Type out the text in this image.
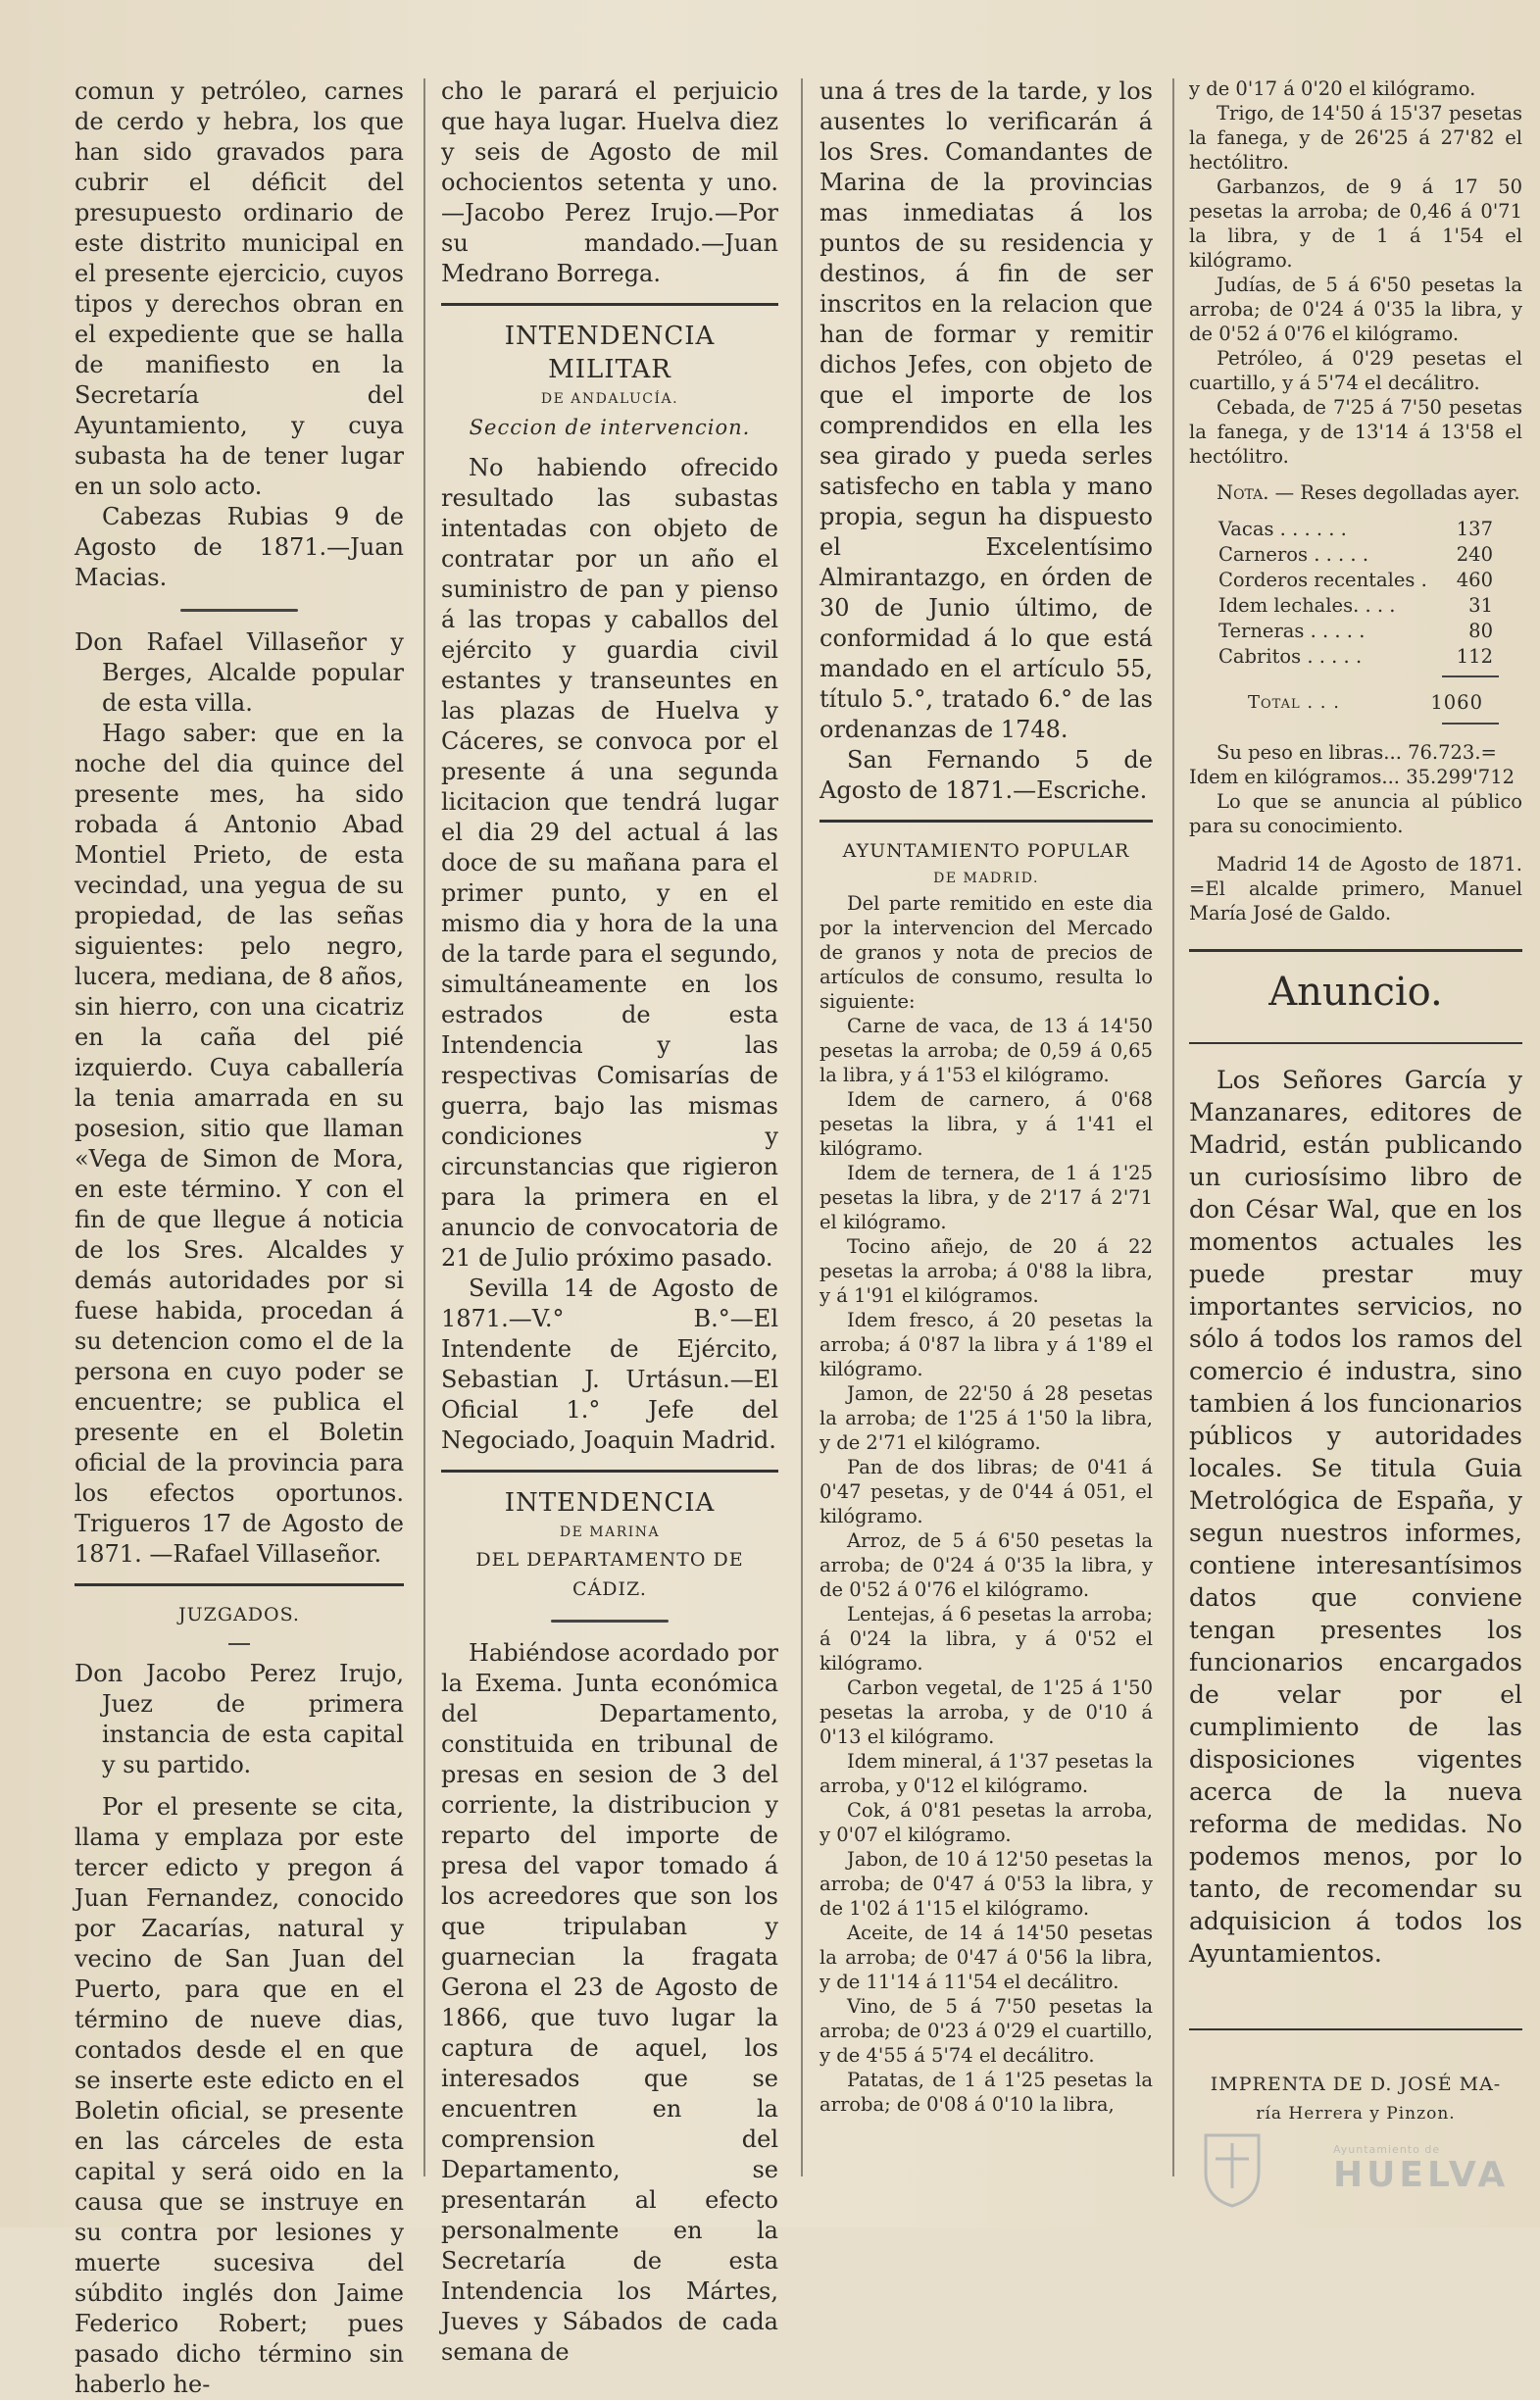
comun y petróleo, carnes de cerdo y hebra, los que han sido gravados para cubrir el déficit del presupuesto ordinario de este distrito municipal en el presente ejercicio, cuyos tipos y derechos obran en el expediente que se halla de manifiesto en la Secretaría del Ayuntamiento, y cuya subasta ha de tener lugar en un solo acto.

Cabezas Rubias 9 de Agosto de 1871.—Juan Macias.

Don Rafael Villaseñor y Berges, Alcalde popular de esta villa.

Hago saber: que en la noche del dia quince del presente mes, ha sido robada á Antonio Abad Montiel Prieto, de esta vecindad, una yegua de su propiedad, de las señas siguientes: pelo negro, lucera, mediana, de 8 años, sin hierro, con una cicatriz en la caña del pié izquierdo. Cuya caballería la tenia amarrada en su posesion, sitio que llaman «Vega de Simon de Mora, en este término. Y con el fin de que llegue á noticia de los Sres. Alcaldes y demás autoridades por si fuese habida, procedan á su detencion como el de la persona en cuyo poder se encuentre; se publica el presente en el Boletin oficial de la provincia para los efectos oportunos. Trigueros 17 de Agosto de 1871. —Rafael Villaseñor.

JUZGADOS.

Don Jacobo Perez Irujo, Juez de primera instancia de esta capital y su partido.

Por el presente se cita, llama y emplaza por este tercer edicto y pregon á Juan Fernandez, conocido por Zacarías, natural y vecino de San Juan del Puerto, para que en el término de nueve dias, contados desde el en que se inserte este edicto en el Boletin oficial, se presente en las cárceles de esta capital y será oido en la causa que se instruye en su contra por lesiones y muerte sucesiva del súbdito inglés don Jaime Federico Robert; pues pasado dicho término sin haberlo he-

cho le parará el perjuicio que haya lugar. Huelva diez y seis de Agosto de mil ochocientos setenta y uno.—Jacobo Perez Irujo.—Por su mandado.—Juan Medrano Borrega.

INTENDENCIA MILITAR

DE ANDALUCÍA.

Seccion de intervencion.

No habiendo ofrecido resultado las subastas intentadas con objeto de contratar por un año el suministro de pan y pienso á las tropas y caballos del ejército y guardia civil estantes y transeuntes en las plazas de Huelva y Cáceres, se convoca por el presente á una segunda licitacion que tendrá lugar el dia 29 del actual á las doce de su mañana para el primer punto, y en el mismo dia y hora de la una de la tarde para el segundo, simultáneamente en los estrados de esta Intendencia y las respectivas Comisarías de guerra, bajo las mismas condiciones y circunstancias que rigieron para la primera en el anuncio de convocatoria de 21 de Julio próximo pasado.

Sevilla 14 de Agosto de 1871.—V.° B.°—El Intendente de Ejército, Sebastian J. Urtásun.—El Oficial 1.° Jefe del Negociado, Joaquin Madrid.

INTENDENCIA

DE MARINA

DEL DEPARTAMENTO DE CÁDIZ.

Habiéndose acordado por la Exema. Junta económica del Departamento, constituida en tribunal de presas en sesion de 3 del corriente, la distribucion y reparto del importe de presa del vapor tomado á los acreedores que son los que tripulaban y guarnecian la fragata Gerona el 23 de Agosto de 1866, que tuvo lugar la captura de aquel, los interesados que se encuentren en la comprension del Departamento, se presentarán al efecto personalmente en la Secretaría de esta Intendencia los Mártes, Jueves y Sábados de cada semana de

una á tres de la tarde, y los ausentes lo verificarán á los Sres. Comandantes de Marina de la provincias mas inmediatas á los puntos de su residencia y destinos, á fin de ser inscritos en la relacion que han de formar y remitir dichos Jefes, con objeto de que el importe de los comprendidos en ella les sea girado y pueda serles satisfecho en tabla y mano propia, segun ha dispuesto el Excelentísimo Almirantazgo, en órden de 30 de Junio último, de conformidad á lo que está mandado en el artículo 55, título 5.°, tratado 6.° de las ordenanzas de 1748.

San Fernando 5 de Agosto de 1871.—Escriche.

AYUNTAMIENTO POPULAR

DE MADRID.

Del parte remitido en este dia por la intervencion del Mercado de granos y nota de precios de artículos de consumo, resulta lo siguiente:

Carne de vaca, de 13 á 14'50 pesetas la arroba; de 0,59 á 0,65 la libra, y á 1'53 el kilógramo.

Idem de carnero, á 0'68 pesetas la libra, y á 1'41 el kilógramo.

Idem de ternera, de 1 á 1'25 pesetas la libra, y de 2'17 á 2'71 el kilógramo.

Tocino añejo, de 20 á 22 pesetas la arroba; á 0'88 la libra, y á 1'91 el kilógramos.

Idem fresco, á 20 pesetas la arroba; á 0'87 la libra y á 1'89 el kilógramo.

Jamon, de 22'50 á 28 pesetas la arroba; de 1'25 á 1'50 la libra, y de 2'71 el kilógramo.

Pan de dos libras; de 0'41 á 0'47 pesetas, y de 0'44 á 051, el kilógramo.

Arroz, de 5 á 6'50 pesetas la arroba; de 0'24 á 0'35 la libra, y de 0'52 á 0'76 el kilógramo.

Lentejas, á 6 pesetas la arroba; á 0'24 la libra, y á 0'52 el kilógramo.

Carbon vegetal, de 1'25 á 1'50 pesetas la arroba, y de 0'10 á 0'13 el kilógramo.

Idem mineral, á 1'37 pesetas la arroba, y 0'12 el kilógramo.

Cok, á 0'81 pesetas la arroba, y 0'07 el kilógramo.

Jabon, de 10 á 12'50 pesetas la arroba; de 0'47 á 0'53 la libra, y de 1'02 á 1'15 el kilógramo.

Aceite, de 14 á 14'50 pesetas la arroba; de 0'47 á 0'56 la libra, y de 11'14 á 11'54 el decálitro.

Vino, de 5 á 7'50 pesetas la arroba; de 0'23 á 0'29 el cuartillo, y de 4'55 á 5'74 el decálitro.

Patatas, de 1 á 1'25 pesetas la arroba; de 0'08 á 0'10 la libra,

y de 0'17 á 0'20 el kilógramo.

Trigo, de 14'50 á 15'37 pesetas la fanega, y de 26'25 á 27'82 el hectólitro.

Garbanzos, de 9 á 17 50 pesetas la arroba; de 0,46 á 0'71 la libra, y de 1 á 1'54 el kilógramo.

Judías, de 5 á 6'50 pesetas la arroba; de 0'24 á 0'35 la libra, y de 0'52 á 0'76 el kilógramo.

Petróleo, á 0'29 pesetas el cuartillo, y á 5'74 el decálitro.

Cebada, de 7'25 á 7'50 pesetas la fanega, y de 13'14 á 13'58 el hectólitro.

Nota. — Reses degolladas ayer.

Vacas . . . . . .	137
Carneros . . . . .	240
Corderos recentales . 460
Idem lechales. . . .	31
Terneras . . . . .	80
Cabritos . . . . .	112
Total . . .	1060

Su peso en libras... 76.723.=

Idem en kilógramos... 35.299'712

Lo que se anuncia al público para su conocimiento.

Madrid 14 de Agosto de 1871. =El alcalde primero, Manuel María José de Galdo.

Anuncio.

Los Señores García y Manzanares, editores de Madrid, están publicando un curiosísimo libro de don César Wal, que en los momentos actuales les puede prestar muy importantes servicios, no sólo á todos los ramos del comercio é industra, sino tambien á los funcionarios públicos y autoridades locales. Se titula Guia Metrológica de España, y segun nuestros informes, contiene interesantísimos datos que conviene tengan presentes los funcionarios encargados de velar por el cumplimiento de las disposiciones vigentes acerca de la nueva reforma de medidas. No podemos menos, por lo tanto, de recomendar su adquisicion á todos los Ayuntamientos.

IMPRENTA DE D. JOSÉ MA-

ría Herrera y Pinzon.

Ayuntamiento de
HUELVA
